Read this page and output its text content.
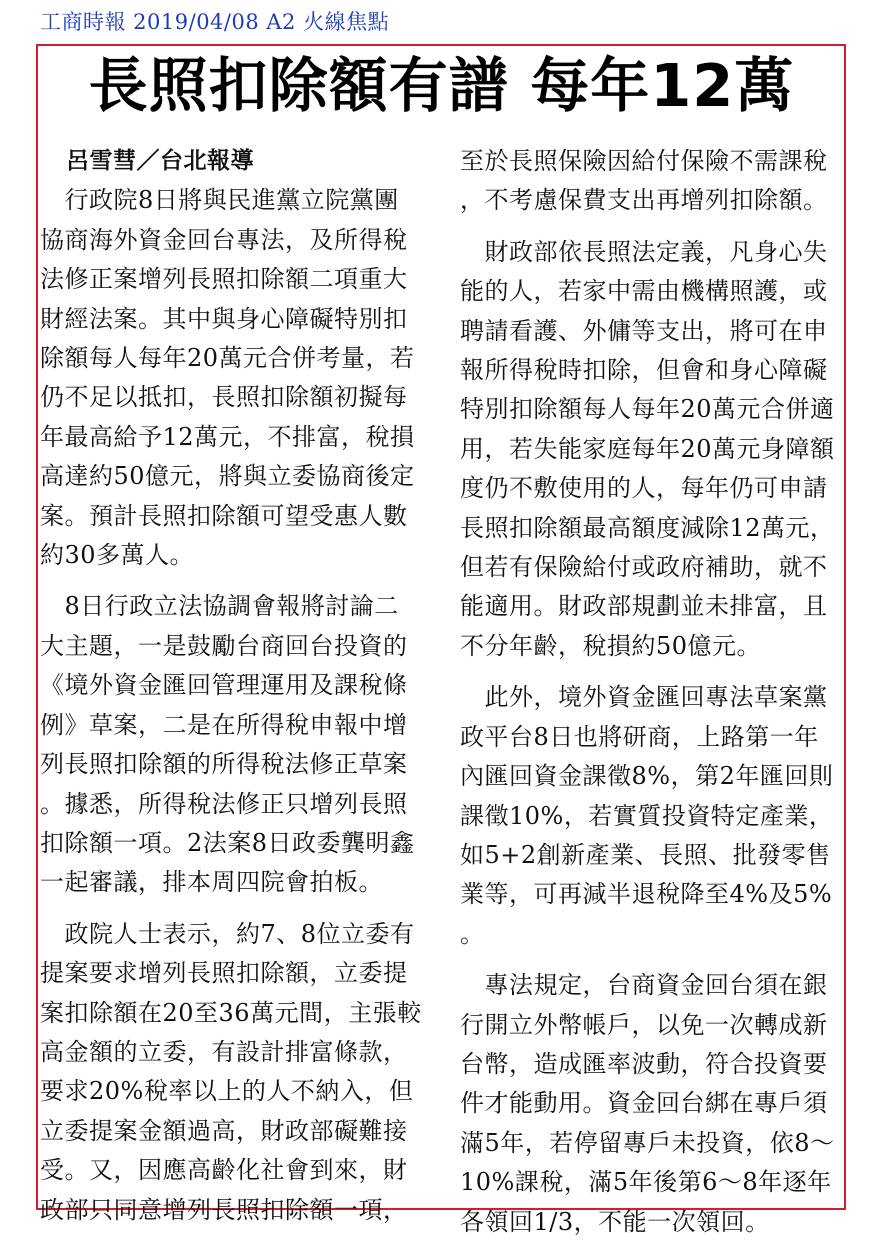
工商時報 2019/04/08 A2 火線焦點
長照扣除額有譜 每年12萬

呂雪彗／台北報導

　行政院8日將與民進黨立院黨團

協商海外資金回台專法，及所得稅

法修正案增列長照扣除額二項重大

財經法案。其中與身心障礙特別扣

除額每人每年20萬元合併考量，若

仍不足以抵扣，長照扣除額初擬每

年最高給予12萬元，不排富，稅損

高達約50億元，將與立委協商後定

案。預計長照扣除額可望受惠人數

約30多萬人。

　8日行政立法協調會報將討論二

大主題，一是鼓勵台商回台投資的

《境外資金匯回管理運用及課稅條

例》草案，二是在所得稅申報中增

列長照扣除額的所得稅法修正草案

。據悉，所得稅法修正只增列長照

扣除額一項。2法案8日政委龔明鑫

一起審議，排本周四院會拍板。

　政院人士表示，約7、8位立委有

提案要求增列長照扣除額，立委提

案扣除額在20至36萬元間，主張較

高金額的立委，有設計排富條款，

要求20%稅率以上的人不納入，但

立委提案金額過高，財政部礙難接

受。又，因應高齡化社會到來，財

政部只同意增列長照扣除額一項，

至於長照保險因給付保險不需課稅

，不考慮保費支出再增列扣除額。

　財政部依長照法定義，凡身心失

能的人，若家中需由機構照護，或

聘請看護、外傭等支出，將可在申

報所得稅時扣除，但會和身心障礙

特別扣除額每人每年20萬元合併適

用，若失能家庭每年20萬元身障額

度仍不敷使用的人，每年仍可申請

長照扣除額最高額度減除12萬元，

但若有保險給付或政府補助，就不

能適用。財政部規劃並未排富，且

不分年齡，稅損約50億元。

　此外，境外資金匯回專法草案黨

政平台8日也將研商，上路第一年

內匯回資金課徵8%，第2年匯回則

課徵10%，若實質投資特定產業，

如5+2創新產業、長照、批發零售

業等，可再減半退稅降至4%及5%

。

　專法規定，台商資金回台須在銀

行開立外幣帳戶，以免一次轉成新

台幣，造成匯率波動，符合投資要

件才能動用。資金回台綁在專戶須

滿5年，若停留專戶未投資，依8～

10%課稅，滿5年後第6～8年逐年

各領回1/3，不能一次領回。
